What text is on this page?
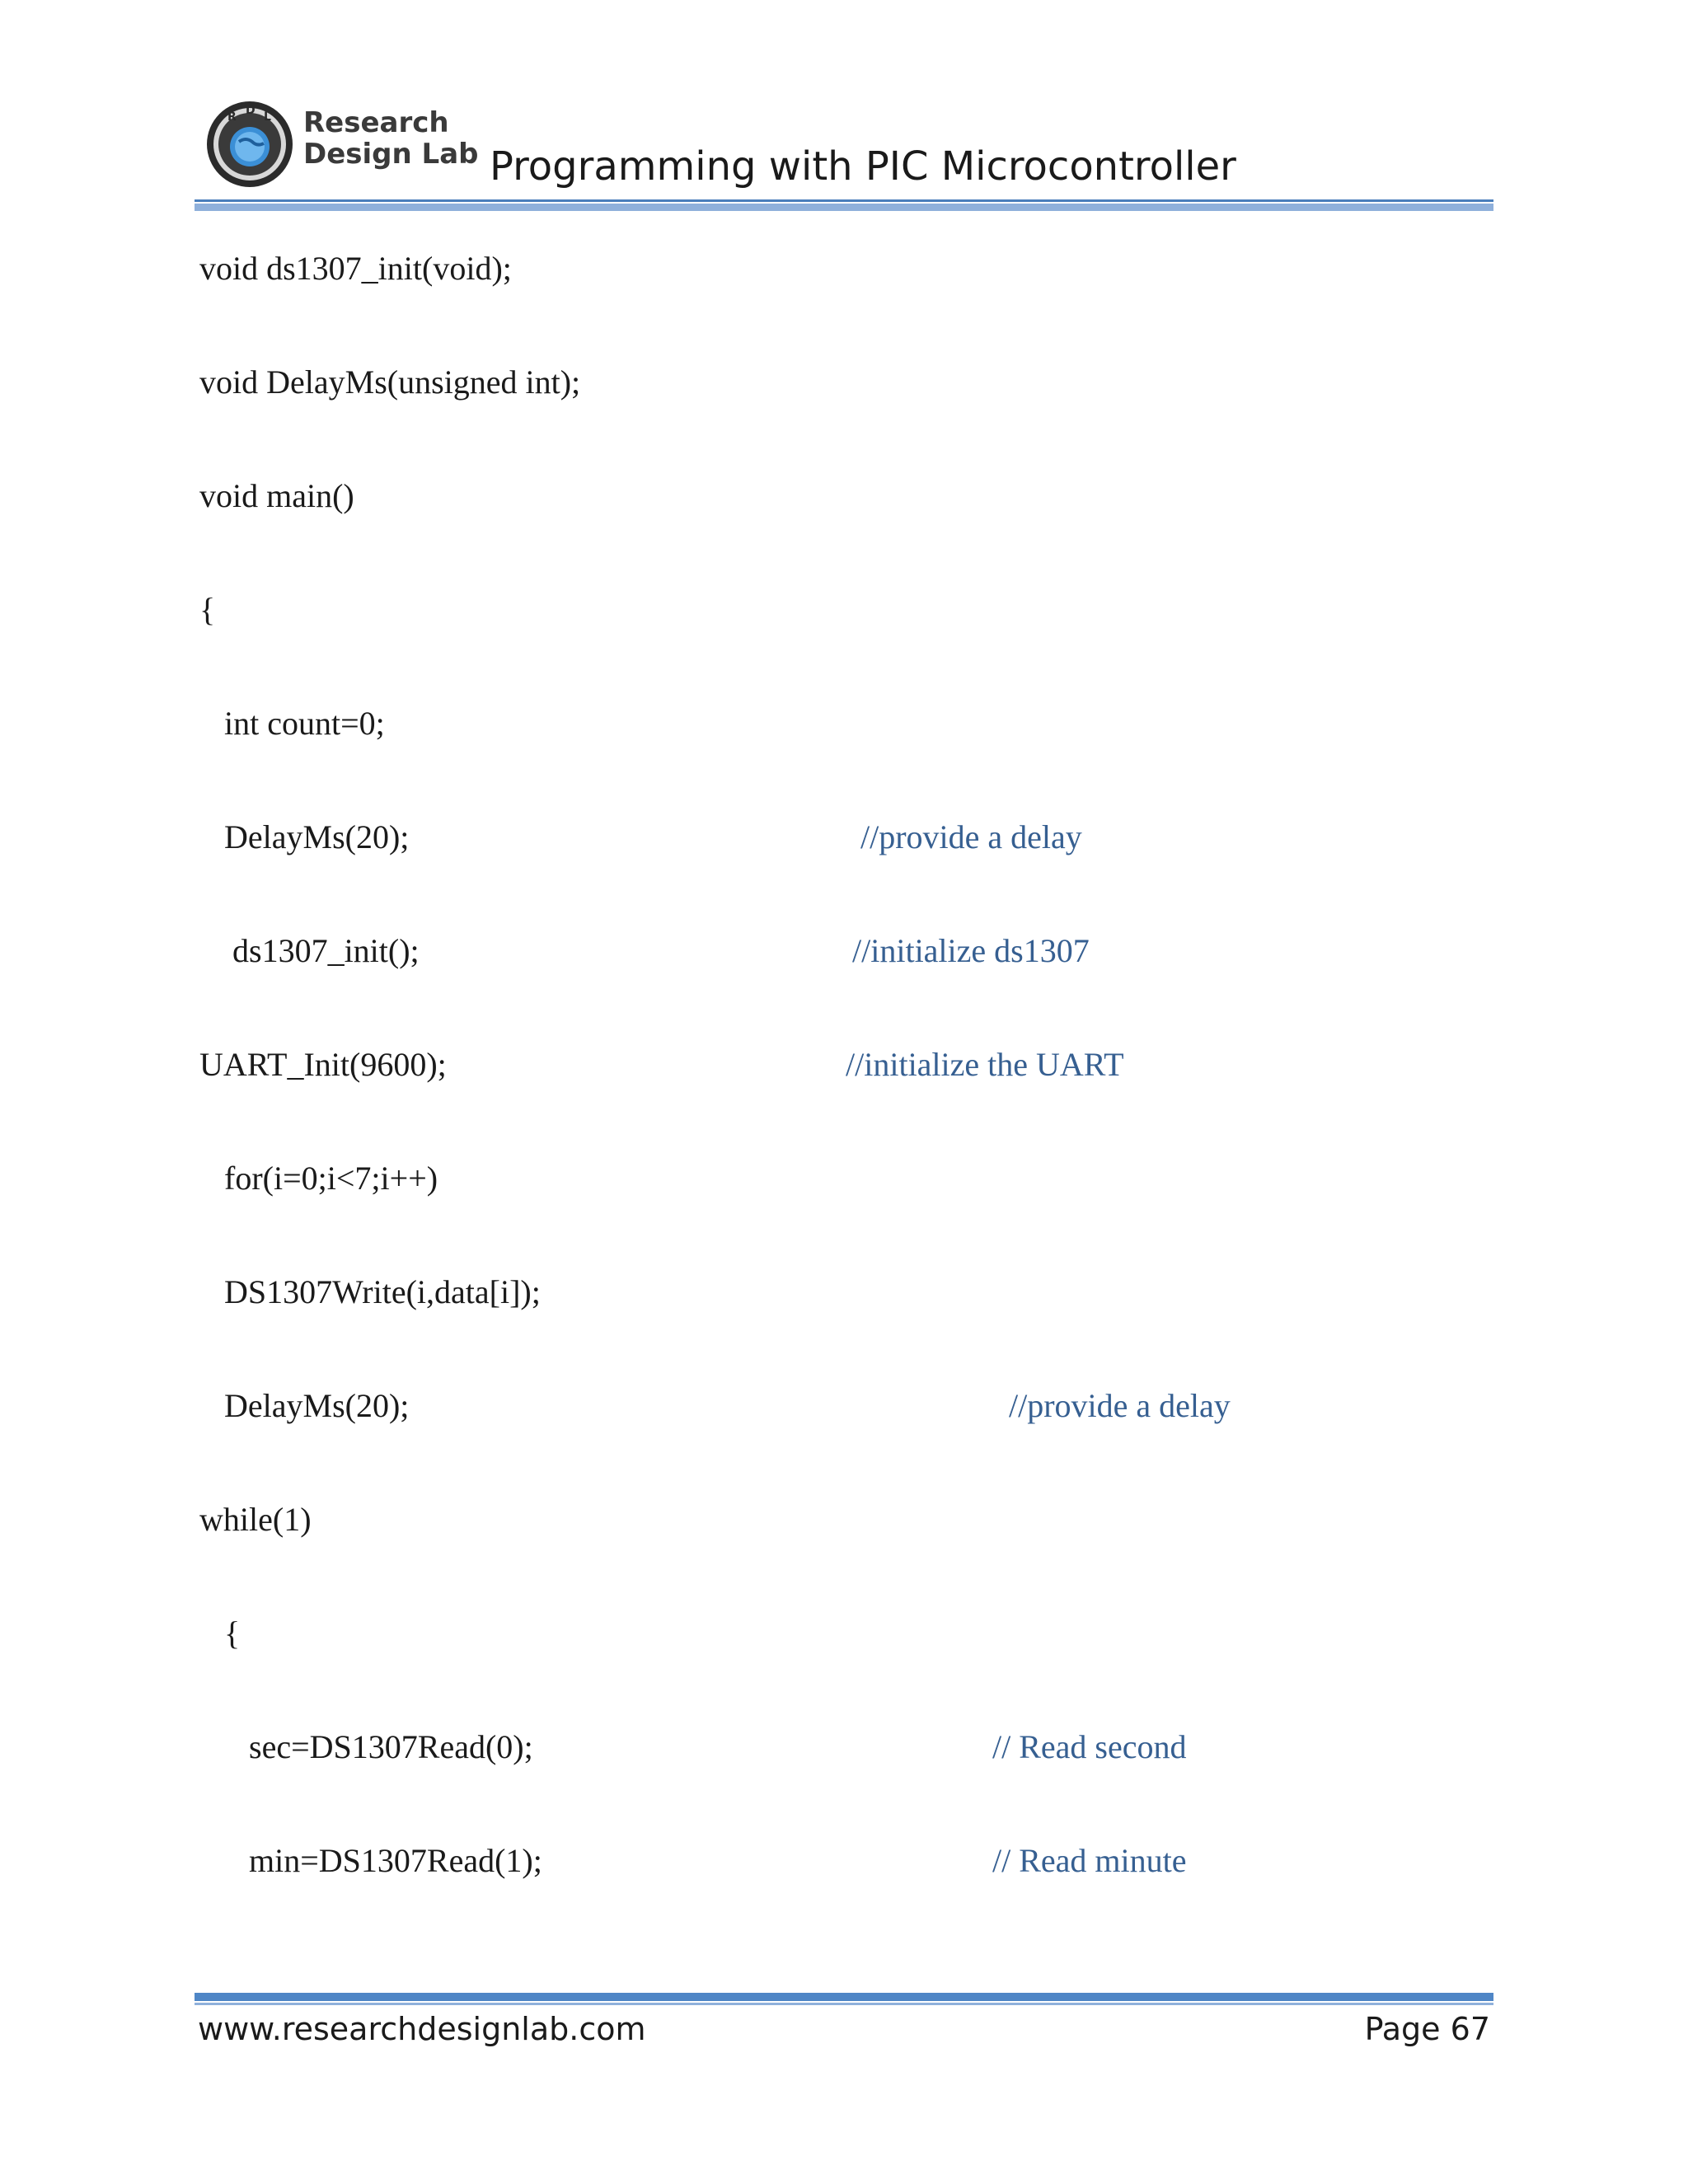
R D L Research
Design Lab Programming with PIC Microcontroller
void ds1307_init(void);
void DelayMs(unsigned int);
void main()
{
int count=0;
DelayMs(20);	//provide a delay
ds1307_init();	//initialize ds1307
UART_Init(9600);	//initialize the UART
for(i=0;i<7;i++)
DS1307Write(i,data[i]);
DelayMs(20);	//provide a delay
while(1)
{
sec=DS1307Read(0);	// Read second
min=DS1307Read(1);	// Read minute
www.researchdesignlab.com	Page 67
